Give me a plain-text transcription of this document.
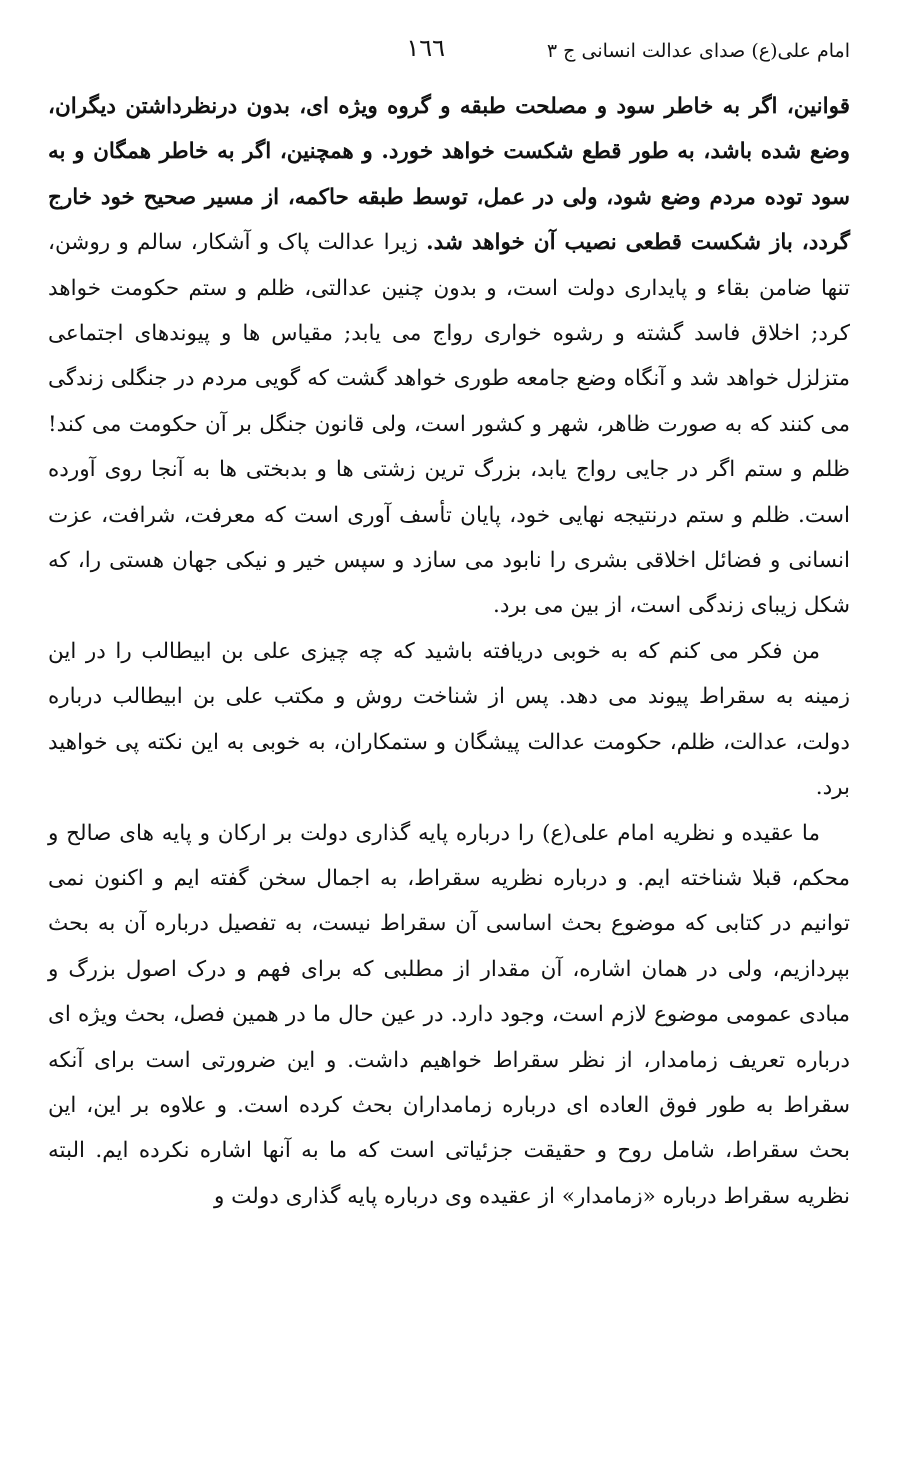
امام علی(ع) صدای عدالت انسانی ج ٣
١٦٦

قوانین، اگر به خاطر سود و مصلحت طبقه و گروه ویژه ای، بدون درنظرداشتن دیگران، وضع شده باشد، به طور قطع شکست خواهد خورد. و همچنین، اگر به خاطر همگان و به سود توده مردم وضع شود، ولی در عمل، توسط طبقه حاکمه، از مسیر صحیح خود خارج گردد، باز شکست قطعی نصیب آن خواهد شد. زیرا عدالت پاک و آشکار، سالم و روشن، تنها ضامن بقاء و پایداری دولت است، و بدون چنین عدالتی، ظلم و ستم حکومت خواهد کرد; اخلاق فاسد گشته و رشوه خواری رواج می یابد; مقیاس ها و پیوندهای اجتماعی متزلزل خواهد شد و آنگاه وضع جامعه طوری خواهد گشت که گویی مردم در جنگلی زندگی می کنند که به صورت ظاهر، شهر و کشور است، ولی قانون جنگل بر آن حکومت می کند! ظلم و ستم اگر در جایی رواج یابد، بزرگ ترین زشتی ها و بدبختی ها به آنجا روی آورده است. ظلم و ستم درنتیجه نهایی خود، پایان تأسف آوری است که معرفت، شرافت، عزت انسانی و فضائل اخلاقی بشری را نابود می سازد و سپس خیر و نیکی جهان هستی را، که شکل زیبای زندگی است، از بین می برد.

من فکر می کنم که به خوبی دریافته باشید که چه چیزی علی بن ابیطالب را در این زمینه به سقراط پیوند می دهد. پس از شناخت روش و مکتب علی بن ابیطالب درباره دولت، عدالت، ظلم، حکومت عدالت پیشگان و ستمکاران، به خوبی به این نکته پی خواهید برد.

ما عقیده و نظریه امام علی(ع) را درباره پایه گذاری دولت بر ارکان و پایه های صالح و محکم، قبلا شناخته ایم. و درباره نظریه سقراط، به اجمال سخن گفته ایم و اکنون نمی توانیم در کتابی که موضوع بحث اساسی آن سقراط نیست، به تفصیل درباره آن به بحث بپردازیم، ولی در همان اشاره، آن مقدار از مطلبی که برای فهم و درک اصول بزرگ و مبادی عمومی موضوع لازم است، وجود دارد. در عین حال ما در همین فصل، بحث ویژه ای درباره تعریف زمامدار، از نظر سقراط خواهیم داشت. و این ضرورتی است برای آنکه سقراط به طور فوق العاده ای درباره زمامداران بحث کرده است. و علاوه بر این، این بحث سقراط، شامل روح و حقیقت جزئیاتی است که ما به آنها اشاره نکرده ایم. البته نظریه سقراط درباره «زمامدار» از عقیده وی درباره پایه گذاری دولت و
